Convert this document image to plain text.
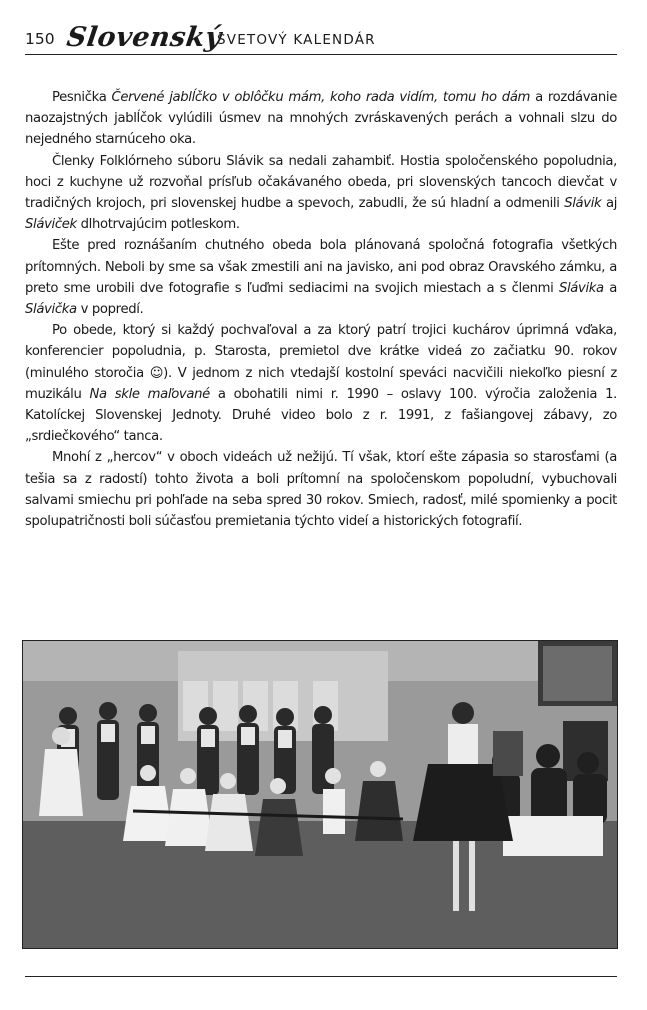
150 Slovenský
SVETOVÝ KALENDÁR

Pesnička Červené jablĺčko v oblôčku mám, koho rada vidím, tomu ho dám a rozdávanie naozajstných jablĺčok vylúdili úsmev na mnohých zvráskavených perách a vohnali slzu do nejedného starnúceho oka.

Členky Folklórneho súboru Slávik sa nedali zahambiť. Hostia spoločenského popoludnia, hoci z kuchyne už rozvoňal prísľub očakávaného obeda, pri slovenských tancoch dievčat v tradičných krojoch, pri slovenskej hudbe a spevoch, zabudli, že sú hladní a odmenili Slávik aj Sláviček dlhotrvajúcim potleskom.

Ešte pred roznášaním chutného obeda bola plánovaná spoločná fotografia všetkých prítomných. Neboli by sme sa však zmestili ani na javisko, ani pod obraz Oravského zámku, a preto sme urobili dve fotografie s ľuďmi sediacimi na svojich miestach a s členmi Slávika a Slávička v popredí.

Po obede, ktorý si každý pochvaľoval a za ktorý patrí trojici kuchárov úprimná vďaka, konferencier popoludnia, p. Starosta, premietol dve krátke videá zo začiatku 90. rokov (minulého storočia ☺). V jednom z nich vtedajší kostolní speváci nacvičili niekoľko piesní z muzikálu Na skle maľované a obohatili nimi r. 1990 – oslavy 100. výročia založenia 1. Katolíckej Slovenskej Jednoty. Druhé video bolo z r. 1991, z fašiangovej zábavy, zo „srdiečkového“ tanca.

Mnohí z „hercov“ v oboch videách už nežijú. Tí však, ktorí ešte zápasia so starosťami (a tešia sa z radostí) tohto života a boli prítomní na spoločenskom popoludní, vybuchovali salvami smiechu pri pohľade na seba spred 30 rokov. Smiech, radosť, milé spomienky a pocit spolupatričnosti boli súčasťou premietania týchto videí a historických fotografií.
